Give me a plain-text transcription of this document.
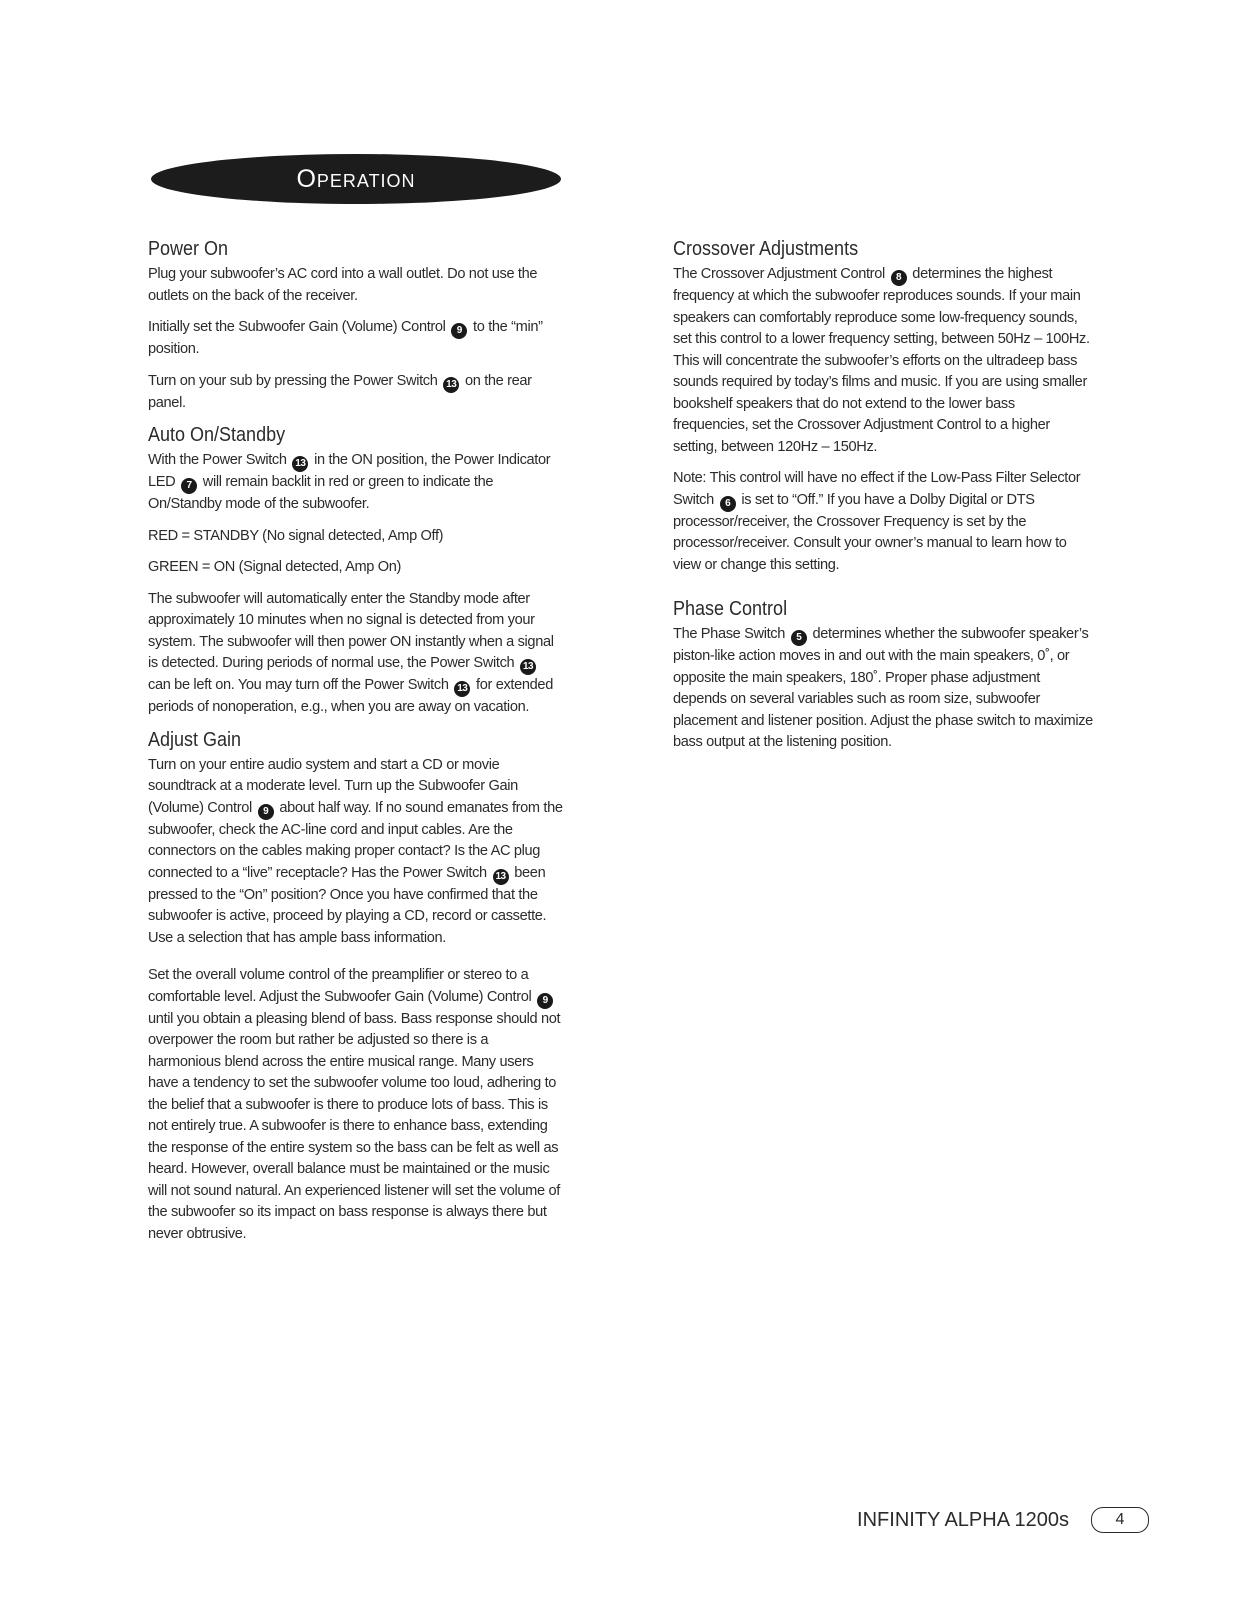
Operation
Power On

Plug your subwoofer’s AC cord into a wall outlet. Do not use the outlets on the back of the receiver.

Initially set the Subwoofer Gain (Volume) Control 9 to the “min” position.

Turn on your sub by pressing the Power Switch 13 on the rear panel.

Auto On/Standby

With the Power Switch 13 in the ON position, the Power Indicator LED 7 will remain backlit in red or green to indicate the On/Standby mode of the subwoofer.

RED = STANDBY (No signal detected, Amp Off)

GREEN = ON (Signal detected, Amp On)

The subwoofer will automatically enter the Standby mode after approximately 10 minutes when no signal is detected from your system. The subwoofer will then power ON instantly when a signal is detected. During periods of normal use, the Power Switch 13 can be left on. You may turn off the Power Switch 13 for extended periods of nonoperation, e.g., when you are away on vacation.

Adjust Gain

Turn on your entire audio system and start a CD or movie soundtrack at a moderate level. Turn up the Subwoofer Gain (Volume) Control 9 about half way. If no sound emanates from the subwoofer, check the AC-line cord and input cables. Are the connectors on the cables making proper contact? Is the AC plug connected to a “live” receptacle? Has the Power Switch 13 been pressed to the “On” position? Once you have confirmed that the subwoofer is active, proceed by playing a CD, record or cassette. Use a selection that has ample bass information.

Set the overall volume control of the preamplifier or stereo to a comfortable level. Adjust the Subwoofer Gain (Volume) Control 9 until you obtain a pleasing blend of bass. Bass response should not overpower the room but rather be adjusted so there is a harmonious blend across the entire musical range. Many users have a tendency to set the subwoofer volume too loud, adhering to the belief that a subwoofer is there to produce lots of bass. This is not entirely true. A subwoofer is there to enhance bass, extending the response of the entire system so the bass can be felt as well as heard. However, overall balance must be maintained or the music will not sound natural. An experienced listener will set the volume of the subwoofer so its impact on bass response is always there but never obtrusive.

Crossover Adjustments

The Crossover Adjustment Control 8 determines the highest frequency at which the subwoofer reproduces sounds. If your main speakers can comfortably reproduce some low-frequency sounds, set this control to a lower frequency setting, between 50Hz – 100Hz. This will concentrate the subwoofer’s efforts on the ultradeep bass sounds required by today’s films and music. If you are using smaller bookshelf speakers that do not extend to the lower bass frequencies, set the Crossover Adjustment Control to a higher setting, between 120Hz – 150Hz.

Note: This control will have no effect if the Low-Pass Filter Selector Switch 6 is set to “Off.” If you have a Dolby Digital or DTS processor/receiver, the Crossover Frequency is set by the processor/receiver. Consult your owner’s manual to learn how to view or change this setting.

Phase Control

The Phase Switch 5 determines whether the subwoofer speaker’s piston-like action moves in and out with the main speakers, 0˚, or opposite the main speakers, 180˚. Proper phase adjustment depends on several variables such as room size, subwoofer placement and listener position. Adjust the phase switch to maximize bass output at the listening position.

INFINITY ALPHA 1200s	4
